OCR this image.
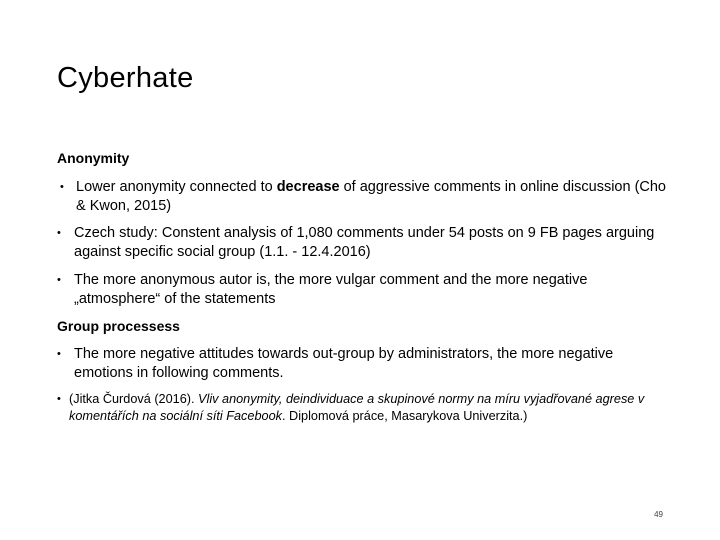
Cyberhate

Anonymity

• Lower anonymity connected to decrease of aggressive comments in online discussion (Cho & Kwon, 2015)
• Czech study: Constent analysis of 1,080 comments under 54 posts on 9 FB pages arguing against specific social group (1.1. - 12.4.2016)
• The more anonymous autor is, the more vulgar comment and the more negative „atmosphere“ of the statements

Group processess

• The more negative attitudes towards out-group by administrators, the more negative emotions in following comments.
• (Jitka Čurdová (2016). Vliv anonymity, deindividuace a skupinové normy na míru vyjadřované agrese v komentářích na sociální síti Facebook. Diplomová práce, Masarykova Univerzita.)
49
